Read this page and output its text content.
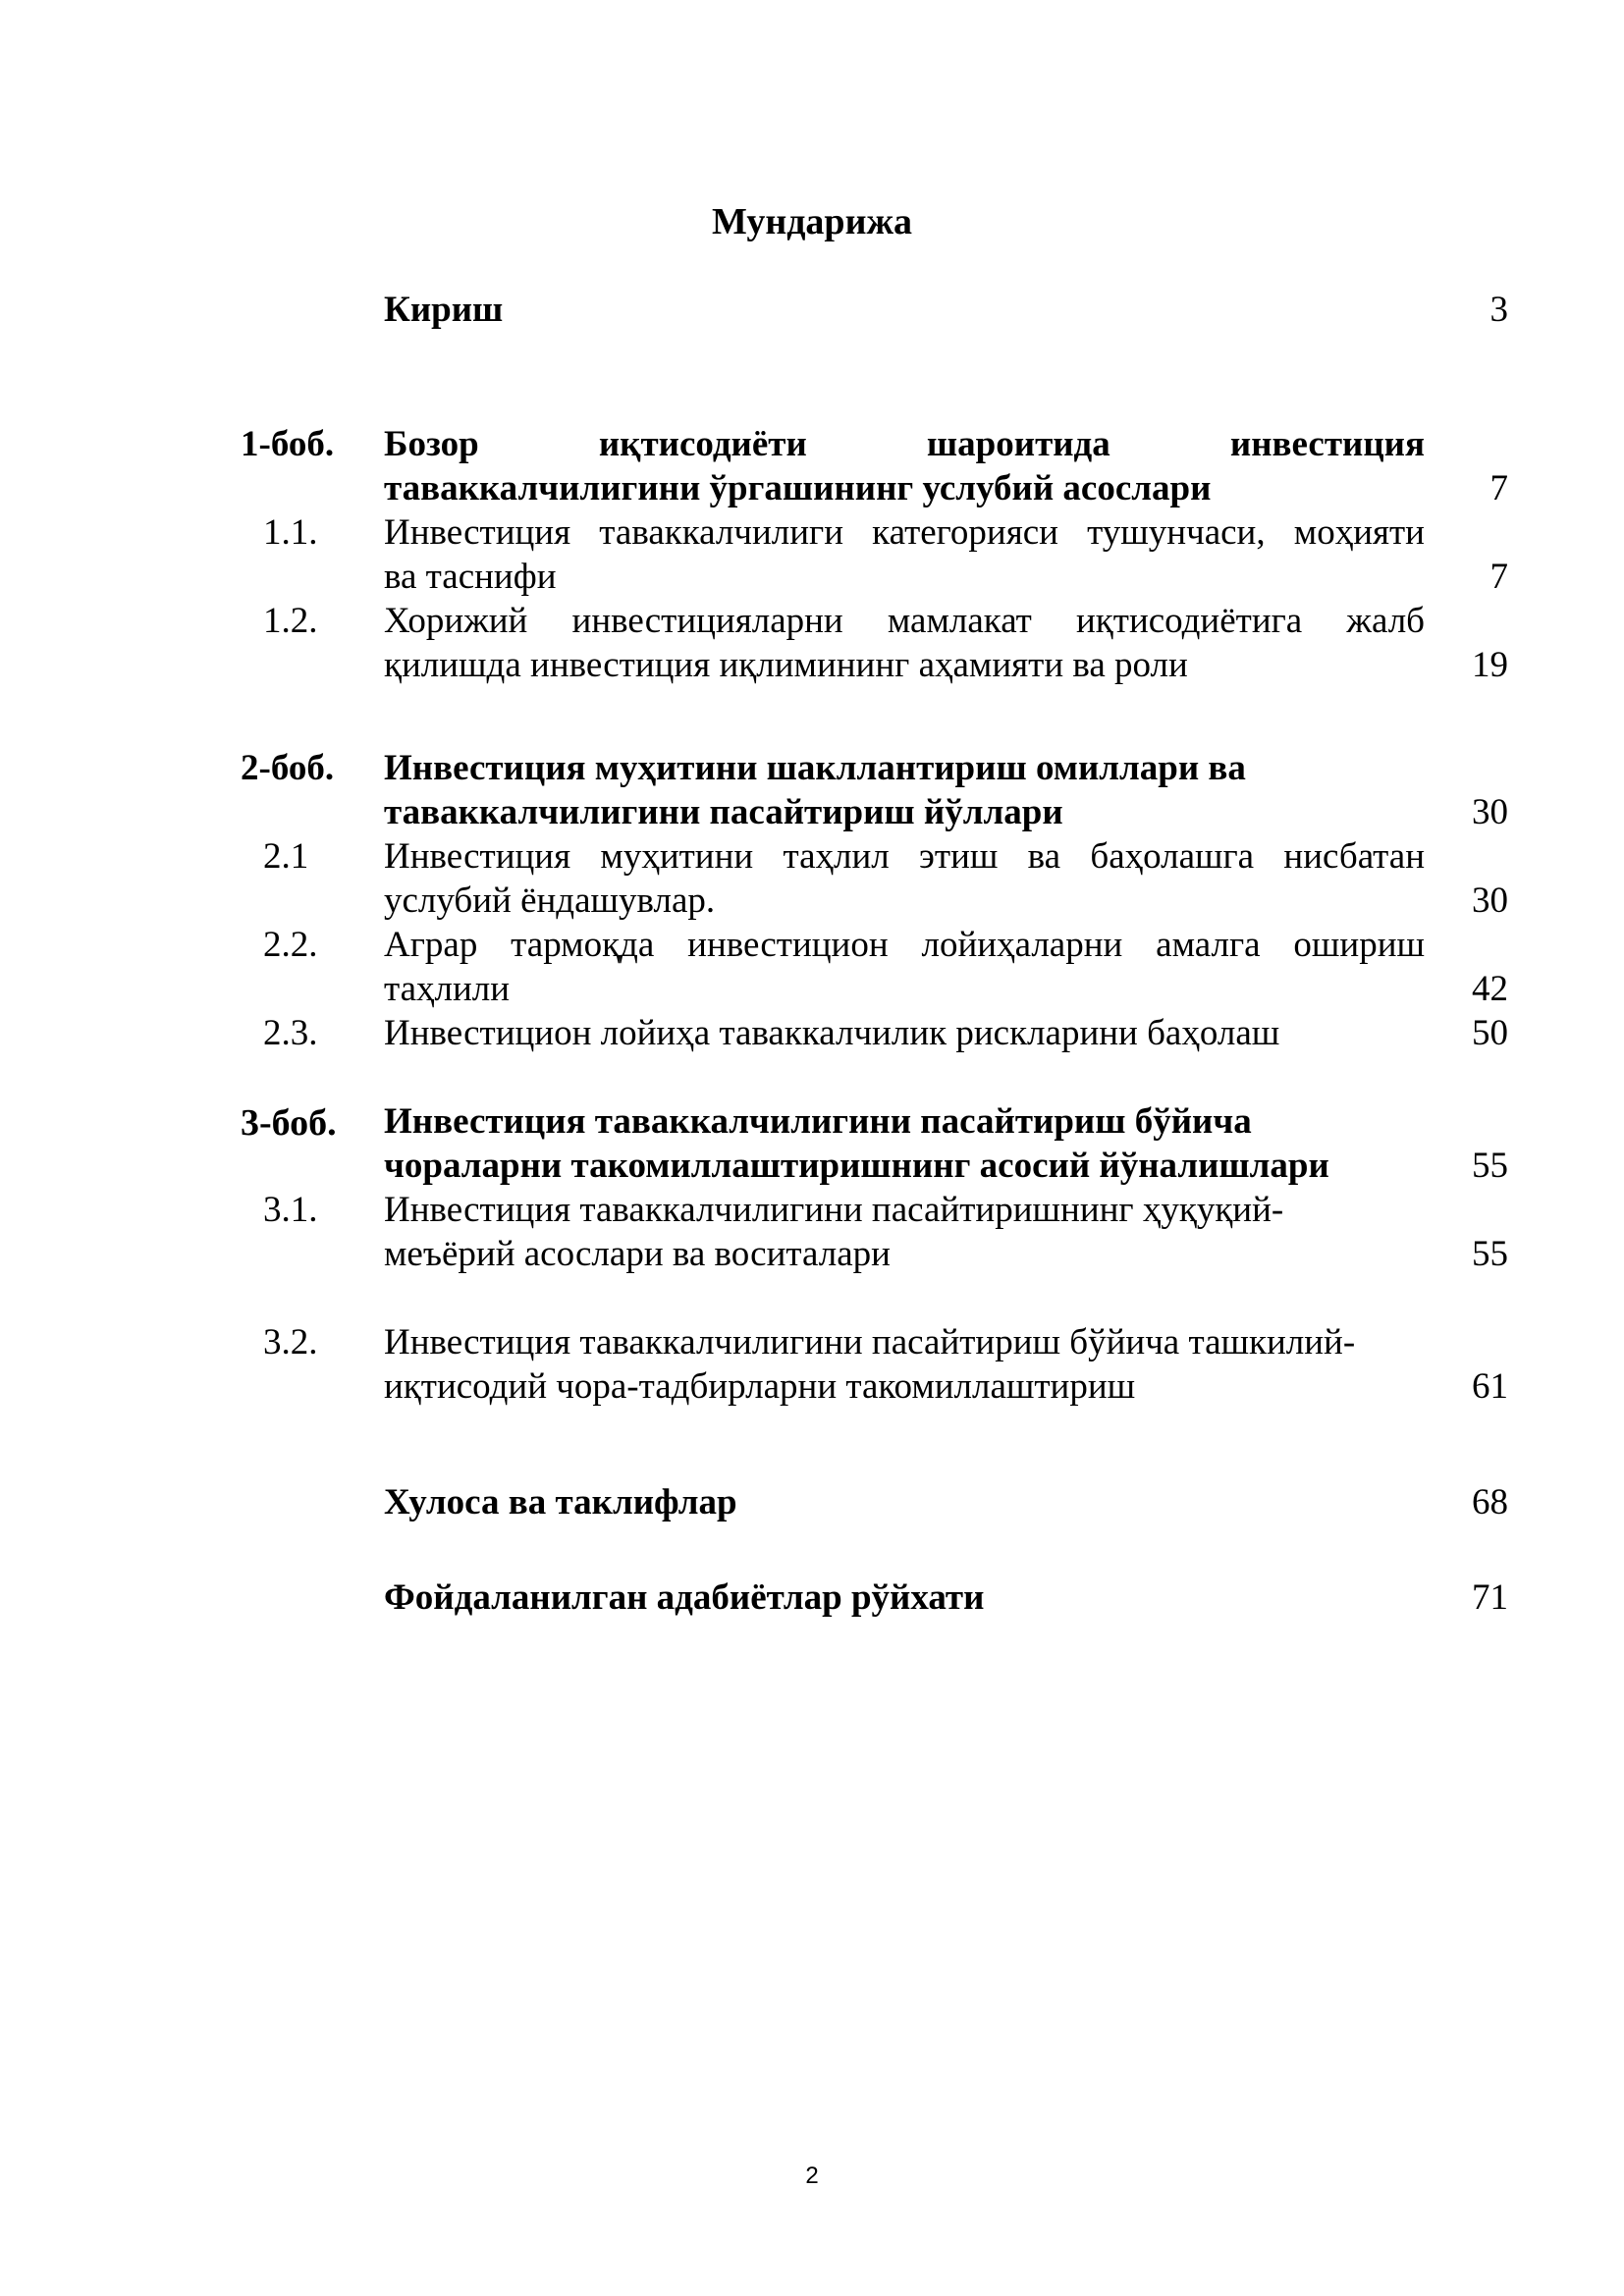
Мундарижа
Кириш	3
1-боб.	Бозор иқтисодиёти шароитида инвестиция
таваккалчилигини ўргашининг услубий асослари	7
1.1.	Инвестиция таваккалчилиги категорияси тушунчаси, моҳияти
ва таснифи	7
1.2.	Хорижий инвестицияларни мамлакат иқтисодиётига жалб
қилишда инвестиция иқлимининг аҳамияти ва роли	19
2-боб.	Инвестиция муҳитини шакллантириш омиллари ва
таваккалчилигини пасайтириш йўллари	30
2.1	Инвестиция муҳитини таҳлил этиш ва баҳолашга нисбатан
услубий ёндашувлар.	30
2.2.	Аграр тармоқда инвестицион лойиҳаларни амалга ошириш
таҳлили	42
2.3.	Инвестицион лойиҳа таваккалчилик рискларини баҳолаш	50
3-боб.	Инвестиция таваккалчилигини пасайтириш бўйича
чораларни такомиллаштиришнинг асосий йўналишлари	55
3.1.	Инвестиция таваккалчилигини пасайтиришнинг ҳуқуқий-
меъёрий асослари ва воситалари	55
3.2.	Инвестиция таваккалчилигини пасайтириш бўйича ташкилий-
иқтисодий чора-тадбирларни такомиллаштириш	61
Хулоса ва таклифлар	68
Фойдаланилган адабиётлар рўйхати	71
2
